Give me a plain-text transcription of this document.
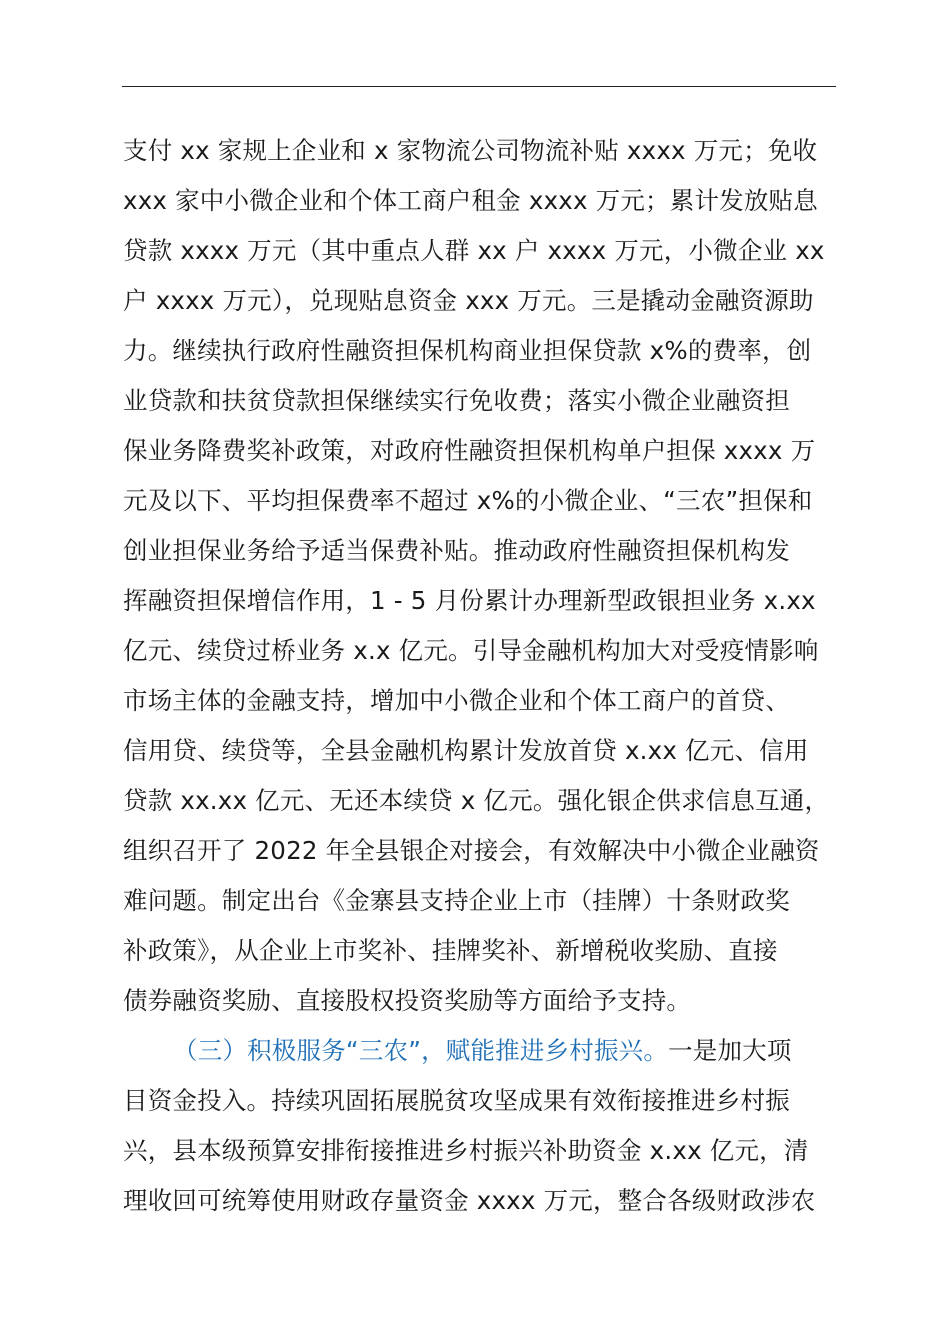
支付 xx 家规上企业和 x 家物流公司物流补贴 xxxx 万元；免收
xxx 家中小微企业和个体工商户租金 xxxx 万元；累计发放贴息
贷款 xxxx 万元（其中重点人群 xx 户 xxxx 万元，小微企业 xx
户 xxxx 万元），兑现贴息资金 xxx 万元。三是撬动金融资源助
力。继续执行政府性融资担保机构商业担保贷款 x%的费率，创
业贷款和扶贫贷款担保继续实行免收费；落实小微企业融资担
保业务降费奖补政策，对政府性融资担保机构单户担保 xxxx 万
元及以下、平均担保费率不超过 x%的小微企业、“三农”担保和
创业担保业务给予适当保费补贴。推动政府性融资担保机构发
挥融资担保增信作用，1 - 5 月份累计办理新型政银担业务 x.xx
亿元、续贷过桥业务 x.x 亿元。引导金融机构加大对受疫情影响
市场主体的金融支持，增加中小微企业和个体工商户的首贷、
信用贷、续贷等，全县金融机构累计发放首贷 x.xx 亿元、信用
贷款 xx.xx 亿元、无还本续贷 x 亿元。强化银企供求信息互通，
组织召开了 2022 年全县银企对接会，有效解决中小微企业融资
难问题。制定出台《金寨县支持企业上市（挂牌）十条财政奖
补政策》，从企业上市奖补、挂牌奖补、新增税收奖励、直接
债券融资奖励、直接股权投资奖励等方面给予支持。
（三）积极服务“三农”，赋能推进乡村振兴。一是加大项
目资金投入。持续巩固拓展脱贫攻坚成果有效衔接推进乡村振
兴，县本级预算安排衔接推进乡村振兴补助资金 x.xx 亿元，清
理收回可统筹使用财政存量资金 xxxx 万元，整合各级财政涉农
